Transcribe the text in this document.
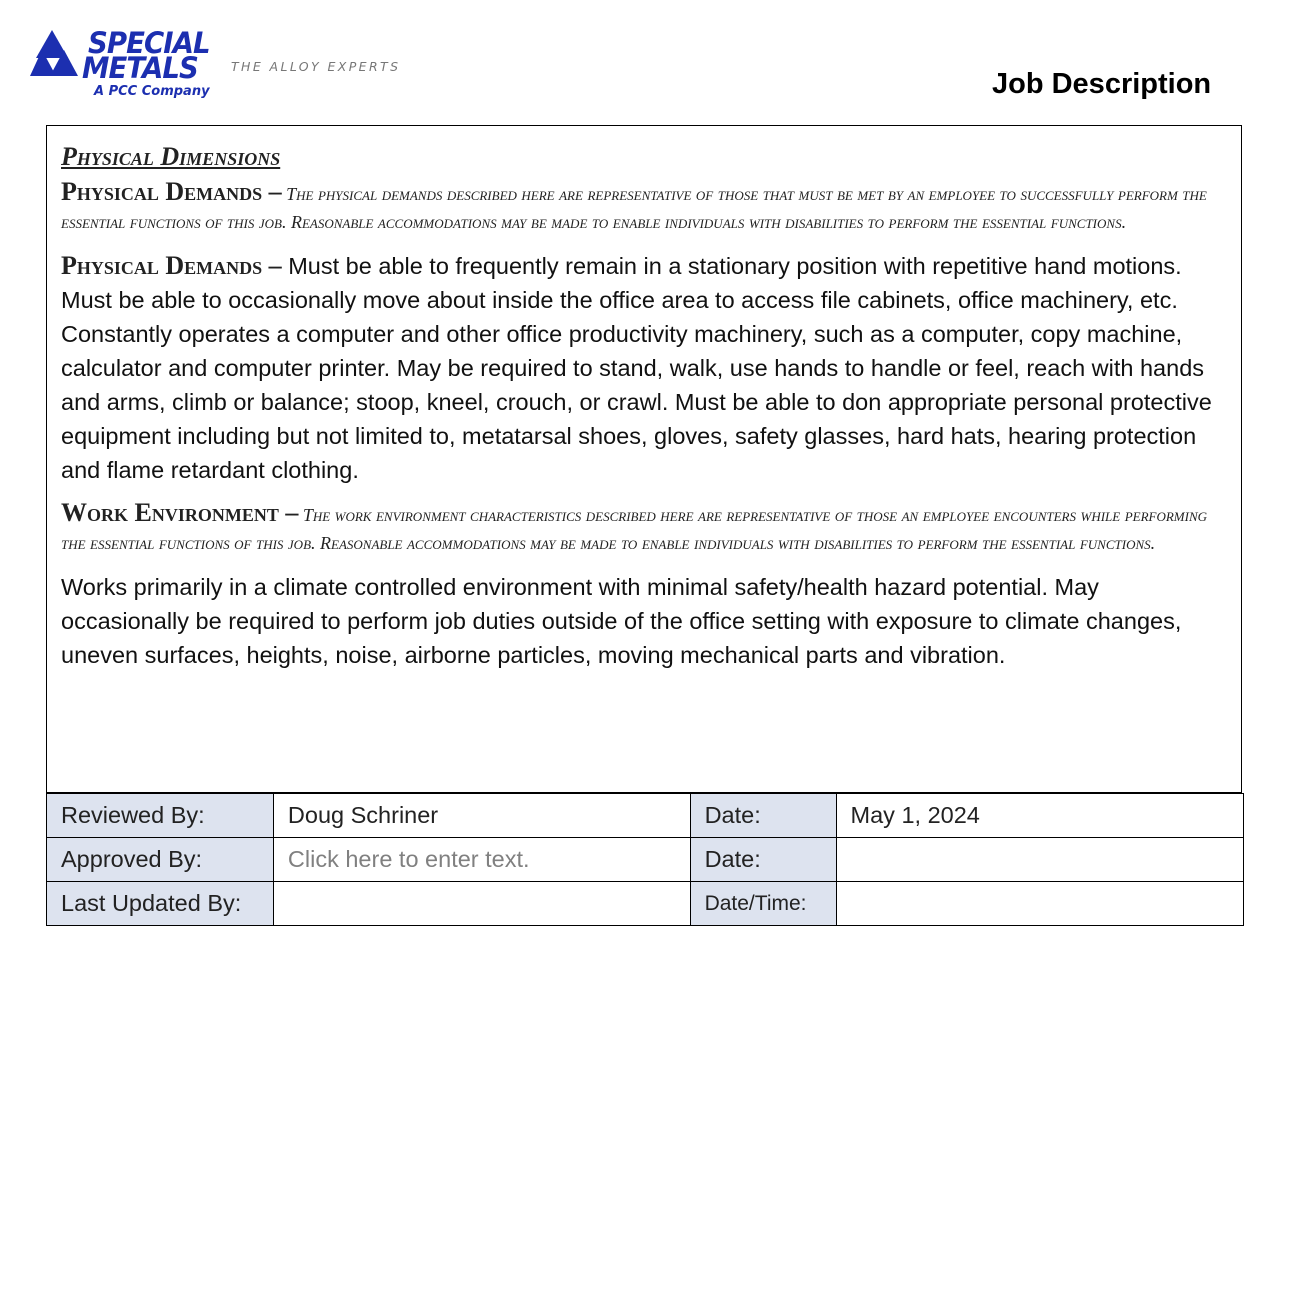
SPECIAL
METALS
A PCC Company
THE ALLOY EXPERTS
Job Description
Physical Dimensions

Physical Demands – The physical demands described here are representative of those that must be met by an employee to successfully perform the essential functions of this job. Reasonable accommodations may be made to enable individuals with disabilities to perform the essential functions.

Physical Demands – Must be able to frequently remain in a stationary position with repetitive hand motions. Must be able to occasionally move about inside the office area to access file cabinets, office machinery, etc. Constantly operates a computer and other office productivity machinery, such as a computer, copy machine, calculator and computer printer. May be required to stand, walk, use hands to handle or feel, reach with hands and arms, climb or balance; stoop, kneel, crouch, or crawl. Must be able to don appropriate personal protective equipment including but not limited to, metatarsal shoes, gloves, safety glasses, hard hats, hearing protection and flame retardant clothing.

Work Environment – The work environment characteristics described here are representative of those an employee encounters while performing the essential functions of this job. Reasonable accommodations may be made to enable individuals with disabilities to perform the essential functions.

Works primarily in a climate controlled environment with minimal safety/health hazard potential. May occasionally be required to perform job duties outside of the office setting with exposure to climate changes, uneven surfaces, heights, noise, airborne particles, moving mechanical parts and vibration.

Reviewed By:	Doug Schriner	Date:	May 1, 2024
Approved By:	Click here to enter text.	Date:	
Last Updated By:		Date/Time:	
